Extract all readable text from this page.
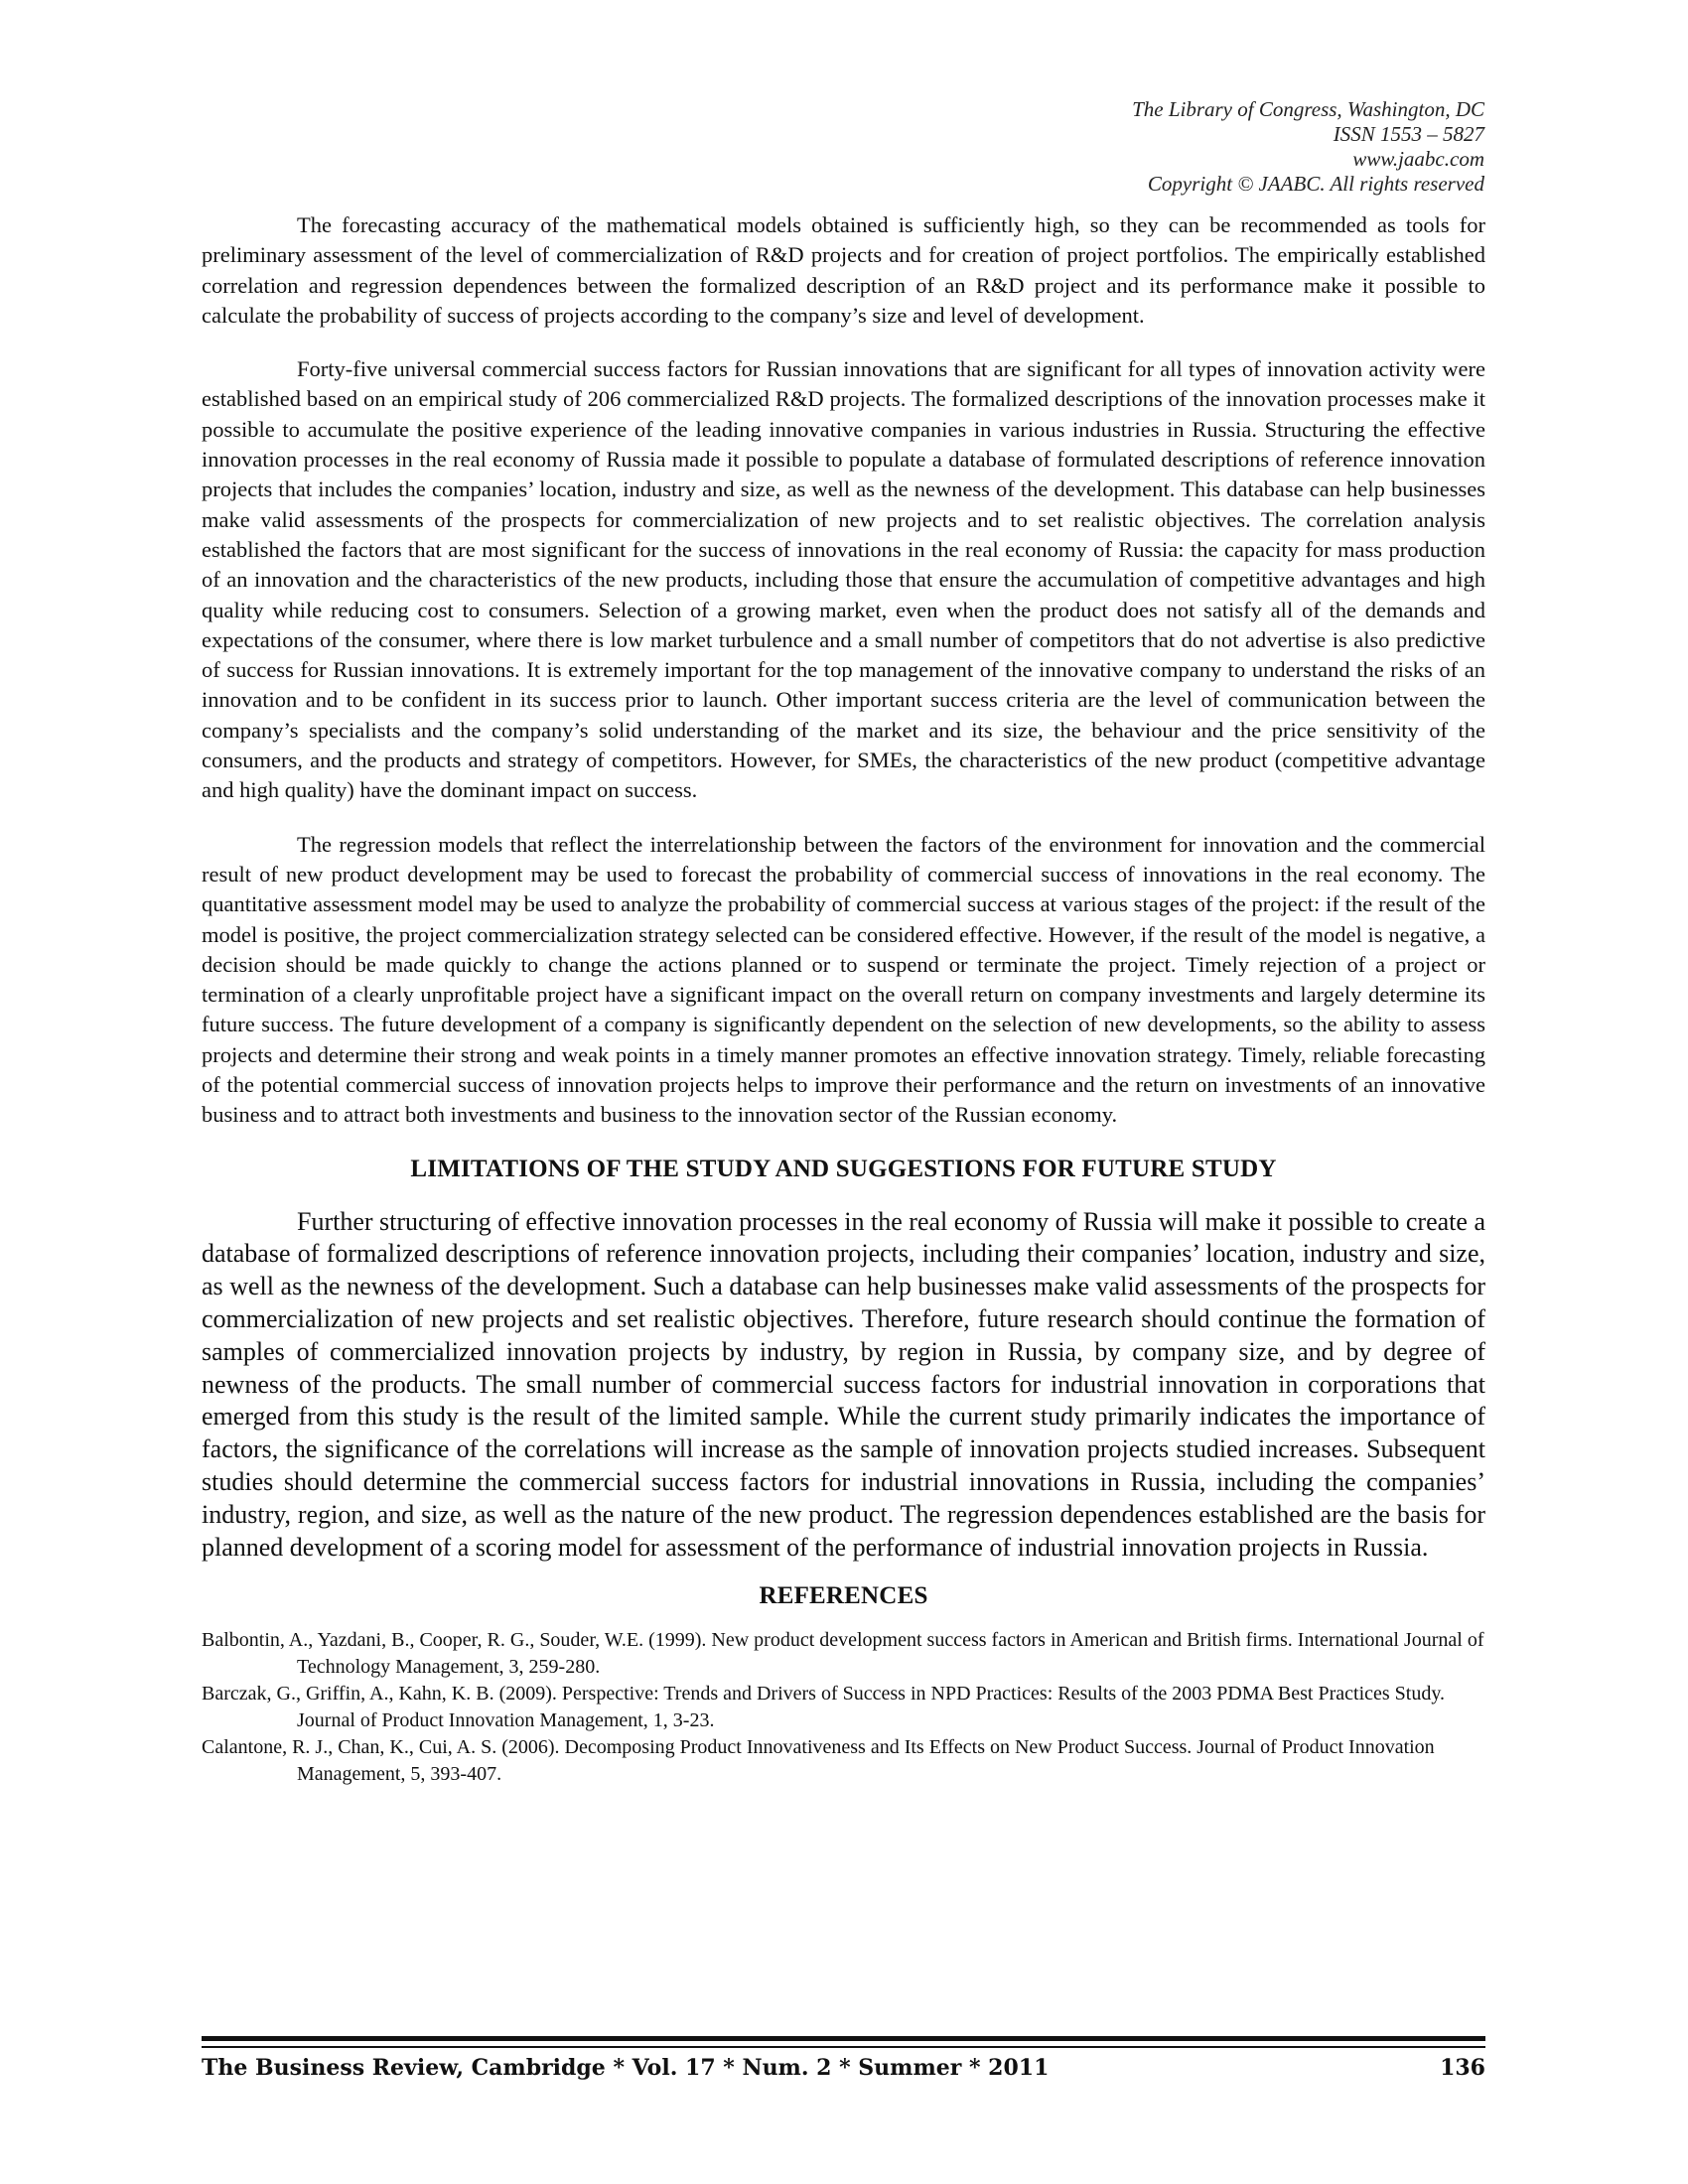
The Library of Congress, Washington, DC
ISSN 1553 – 5827
www.jaabc.com
Copyright © JAABC. All rights reserved

The forecasting accuracy of the mathematical models obtained is sufficiently high, so they can be recommended as tools for preliminary assessment of the level of commercialization of R&D projects and for creation of project portfolios. The empirically established correlation and regression dependences between the formalized description of an R&D project and its performance make it possible to calculate the probability of success of projects according to the company’s size and level of development.

Forty-five universal commercial success factors for Russian innovations that are significant for all types of innovation activity were established based on an empirical study of 206 commercialized R&D projects. The formalized descriptions of the innovation processes make it possible to accumulate the positive experience of the leading innovative companies in various industries in Russia. Structuring the effective innovation processes in the real economy of Russia made it possible to populate a database of formulated descriptions of reference innovation projects that includes the companies’ location, industry and size, as well as the newness of the development. This database can help businesses make valid assessments of the prospects for commercialization of new projects and to set realistic objectives. The correlation analysis established the factors that are most significant for the success of innovations in the real economy of Russia: the capacity for mass production of an innovation and the characteristics of the new products, including those that ensure the accumulation of competitive advantages and high quality while reducing cost to consumers. Selection of a growing market, even when the product does not satisfy all of the demands and expectations of the consumer, where there is low market turbulence and a small number of competitors that do not advertise is also predictive of success for Russian innovations. It is extremely important for the top management of the innovative company to understand the risks of an innovation and to be confident in its success prior to launch. Other important success criteria are the level of communication between the company’s specialists and the company’s solid understanding of the market and its size, the behaviour and the price sensitivity of the consumers, and the products and strategy of competitors. However, for SMEs, the characteristics of the new product (competitive advantage and high quality) have the dominant impact on success.

The regression models that reflect the interrelationship between the factors of the environment for innovation and the commercial result of new product development may be used to forecast the probability of commercial success of innovations in the real economy. The quantitative assessment model may be used to analyze the probability of commercial success at various stages of the project: if the result of the model is positive, the project commercialization strategy selected can be considered effective. However, if the result of the model is negative, a decision should be made quickly to change the actions planned or to suspend or terminate the project. Timely rejection of a project or termination of a clearly unprofitable project have a significant impact on the overall return on company investments and largely determine its future success. The future development of a company is significantly dependent on the selection of new developments, so the ability to assess projects and determine their strong and weak points in a timely manner promotes an effective innovation strategy. Timely, reliable forecasting of the potential commercial success of innovation projects helps to improve their performance and the return on investments of an innovative business and to attract both investments and business to the innovation sector of the Russian economy.

LIMITATIONS OF THE STUDY AND SUGGESTIONS FOR FUTURE STUDY

Further structuring of effective innovation processes in the real economy of Russia will make it possible to create a database of formalized descriptions of reference innovation projects, including their companies’ location, industry and size, as well as the newness of the development. Such a database can help businesses make valid assessments of the prospects for commercialization of new projects and set realistic objectives. Therefore, future research should continue the formation of samples of commercialized innovation projects by industry, by region in Russia, by company size, and by degree of newness of the products. The small number of commercial success factors for industrial innovation in corporations that emerged from this study is the result of the limited sample. While the current study primarily indicates the importance of factors, the significance of the correlations will increase as the sample of innovation projects studied increases. Subsequent studies should determine the commercial success factors for industrial innovations in Russia, including the companies’ industry, region, and size, as well as the nature of the new product. The regression dependences established are the basis for planned development of a scoring model for assessment of the performance of industrial innovation projects in Russia.

REFERENCES

Balbontin, A., Yazdani, B., Cooper, R. G., Souder, W.E. (1999). New product development success factors in American and British firms. International Journal of Technology Management, 3, 259-280.

Barczak, G., Griffin, A., Kahn, K. B. (2009). Perspective: Trends and Drivers of Success in NPD Practices: Results of the 2003 PDMA Best Practices Study. Journal of Product Innovation Management, 1, 3-23.

Calantone, R. J., Chan, K., Cui, A. S. (2006). Decomposing Product Innovativeness and Its Effects on New Product Success. Journal of Product Innovation Management, 5, 393-407.

The Business Review, Cambridge * Vol. 17 * Num. 2 * Summer * 2011	136
